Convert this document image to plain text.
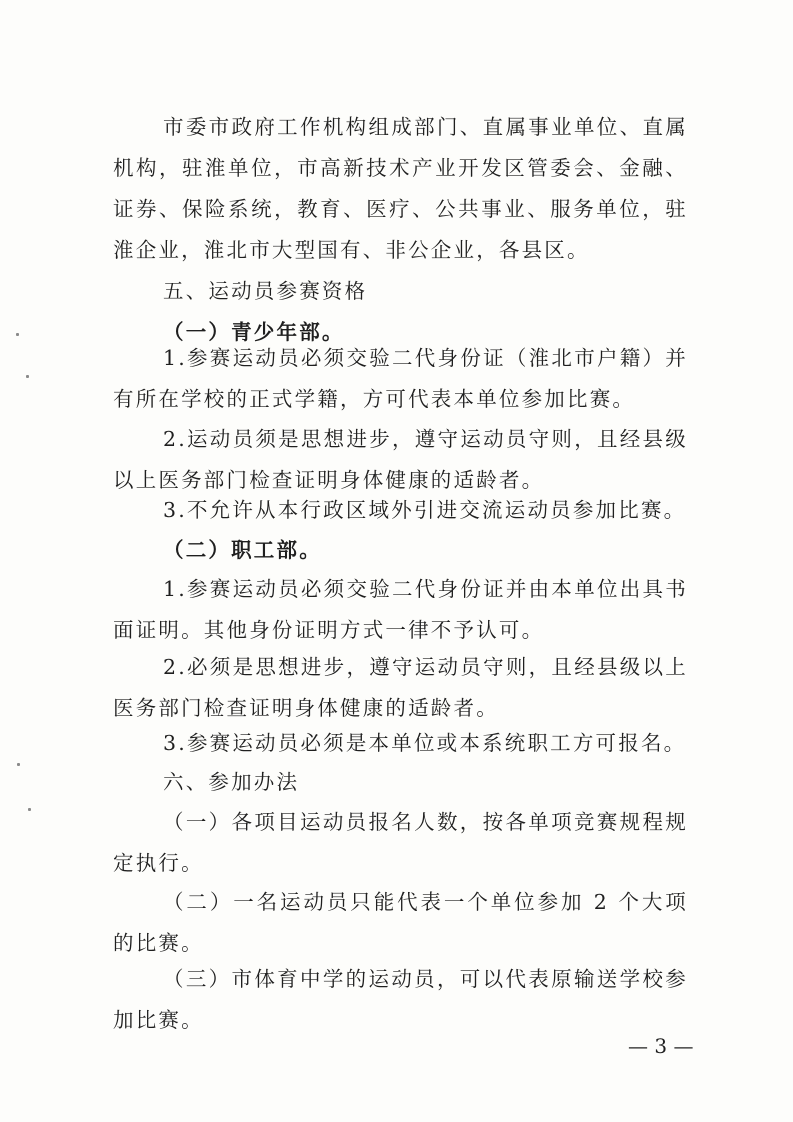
市委市政府工作机构组成部门、直属事业单位、直属机构，驻淮单位，市高新技术产业开发区管委会、金融、证券、保险系统，教育、医疗、公共事业、服务单位，驻淮企业，淮北市大型国有、非公企业，各县区。

五、运动员参赛资格

（一）青少年部。

1.参赛运动员必须交验二代身份证（淮北市户籍）并有所在学校的正式学籍，方可代表本单位参加比赛。

2.运动员须是思想进步，遵守运动员守则，且经县级以上医务部门检查证明身体健康的适龄者。

3.不允许从本行政区域外引进交流运动员参加比赛。

（二）职工部。

1.参赛运动员必须交验二代身份证并由本单位出具书面证明。其他身份证明方式一律不予认可。

2.必须是思想进步，遵守运动员守则，且经县级以上医务部门检查证明身体健康的适龄者。

3.参赛运动员必须是本单位或本系统职工方可报名。

六、参加办法

（一）各项目运动员报名人数，按各单项竞赛规程规定执行。

（二）一名运动员只能代表一个单位参加 2 个大项的比赛。

（三）市体育中学的运动员，可以代表原输送学校参加比赛。

— 3 —
